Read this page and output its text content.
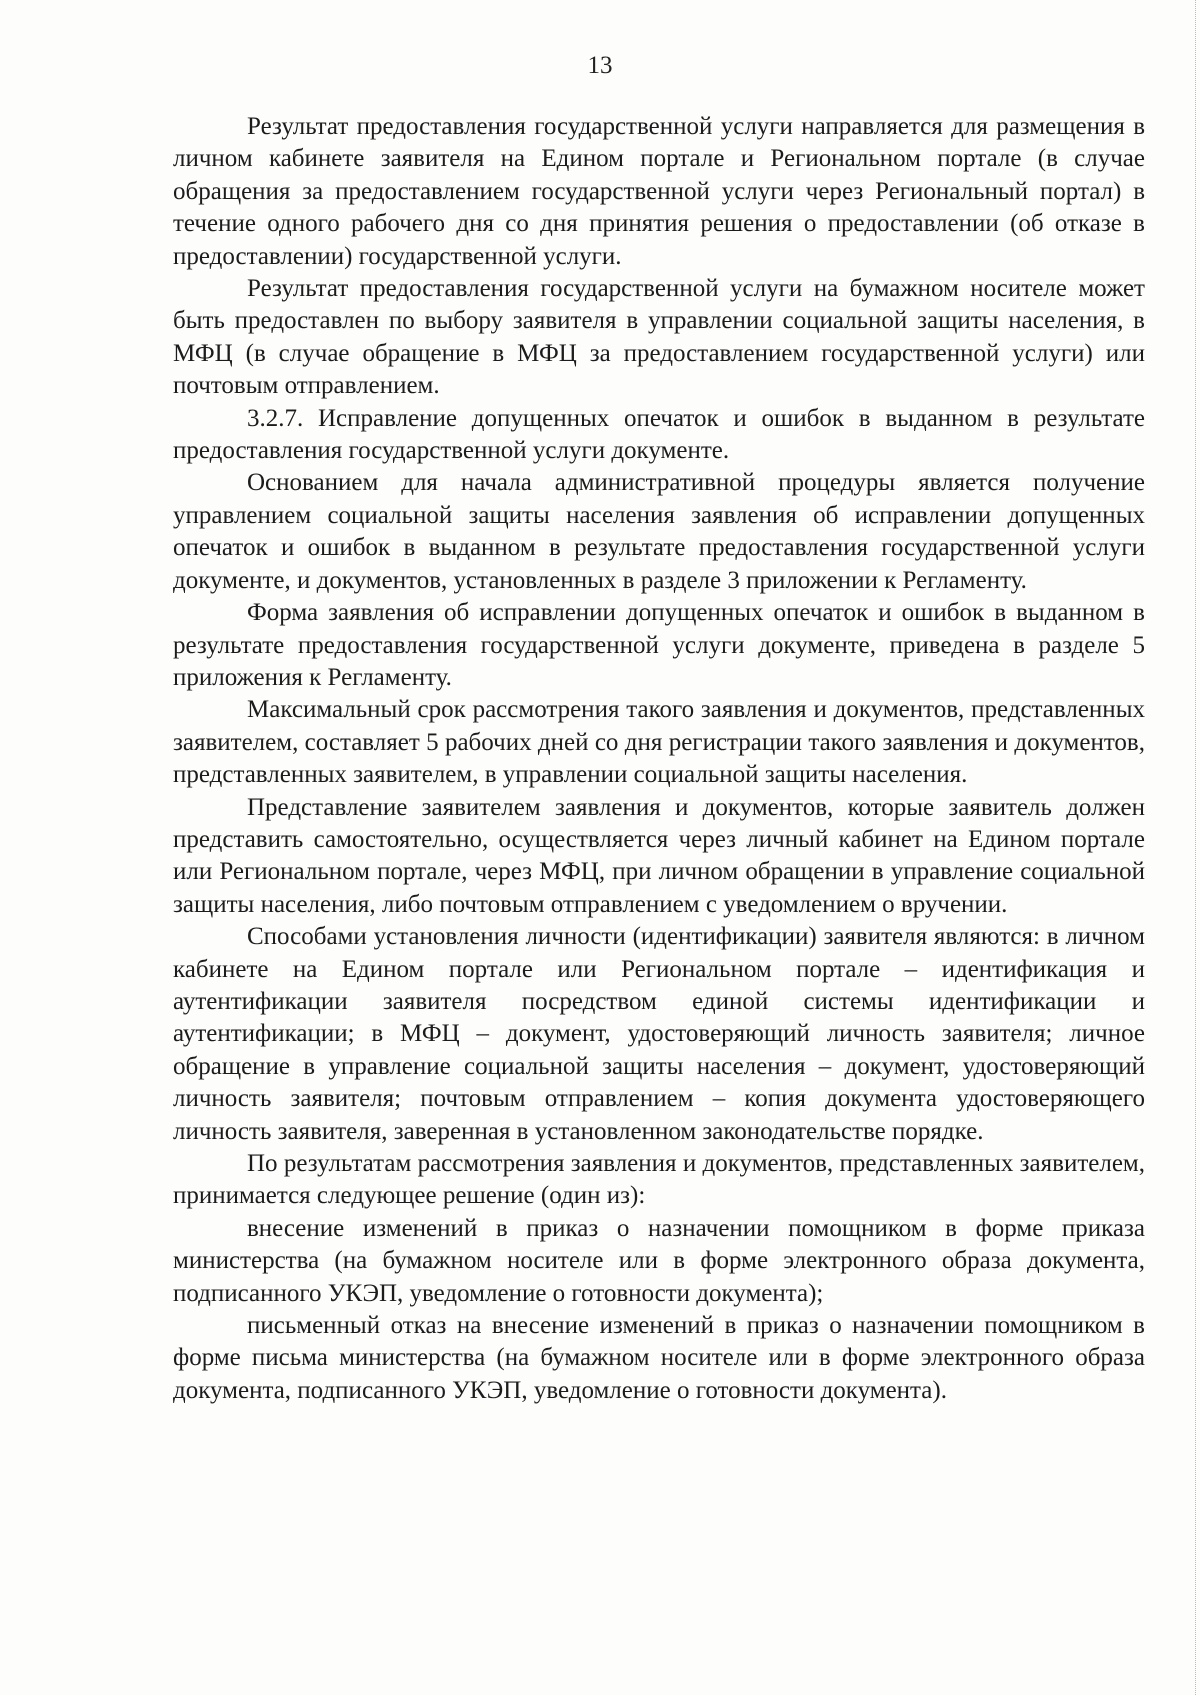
13

Результат предоставления государственной услуги направляется для размещения в личном кабинете заявителя на Едином портале и Региональном портале (в случае обращения за предоставлением государственной услуги через Региональный портал) в течение одного рабочего дня со дня принятия решения о предоставлении (об отказе в предоставлении) государственной услуги.

Результат предоставления государственной услуги на бумажном носителе может быть предоставлен по выбору заявителя в управлении социальной защиты населения, в МФЦ (в случае обращение в МФЦ за предоставлением государственной услуги) или почтовым отправлением.

3.2.7. Исправление допущенных опечаток и ошибок в выданном в результате предоставления государственной услуги документе.

Основанием для начала административной процедуры является получение управлением социальной защиты населения заявления об исправлении допущенных опечаток и ошибок в выданном в результате предоставления государственной услуги документе, и документов, установленных в разделе 3 приложении к Регламенту.

Форма заявления об исправлении допущенных опечаток и ошибок в выданном в результате предоставления государственной услуги документе, приведена в разделе 5 приложения к Регламенту.

Максимальный срок рассмотрения такого заявления и документов, представленных заявителем, составляет 5 рабочих дней со дня регистрации такого заявления и документов, представленных заявителем, в управлении социальной защиты населения.

Представление заявителем заявления и документов, которые заявитель должен представить самостоятельно, осуществляется через личный кабинет на Едином портале или Региональном портале, через МФЦ, при личном обращении в управление социальной защиты населения, либо почтовым отправлением с уведомлением о вручении.

Способами установления личности (идентификации) заявителя являются: в личном кабинете на Едином портале или Региональном портале – идентификация и аутентификации заявителя посредством единой системы идентификации и аутентификации; в МФЦ – документ, удостоверяющий личность заявителя; личное обращение в управление социальной защиты населения – документ, удостоверяющий личность заявителя; почтовым отправлением – копия документа удостоверяющего личность заявителя, заверенная в установленном законодательстве порядке.

По результатам рассмотрения заявления и документов, представленных заявителем, принимается следующее решение (один из):

внесение изменений в приказ о назначении помощником в форме приказа министерства (на бумажном носителе или в форме электронного образа документа, подписанного УКЭП, уведомление о готовности документа);

письменный отказ на внесение изменений в приказ о назначении помощником в форме письма министерства (на бумажном носителе или в форме электронного образа документа, подписанного УКЭП, уведомление о готовности документа).
